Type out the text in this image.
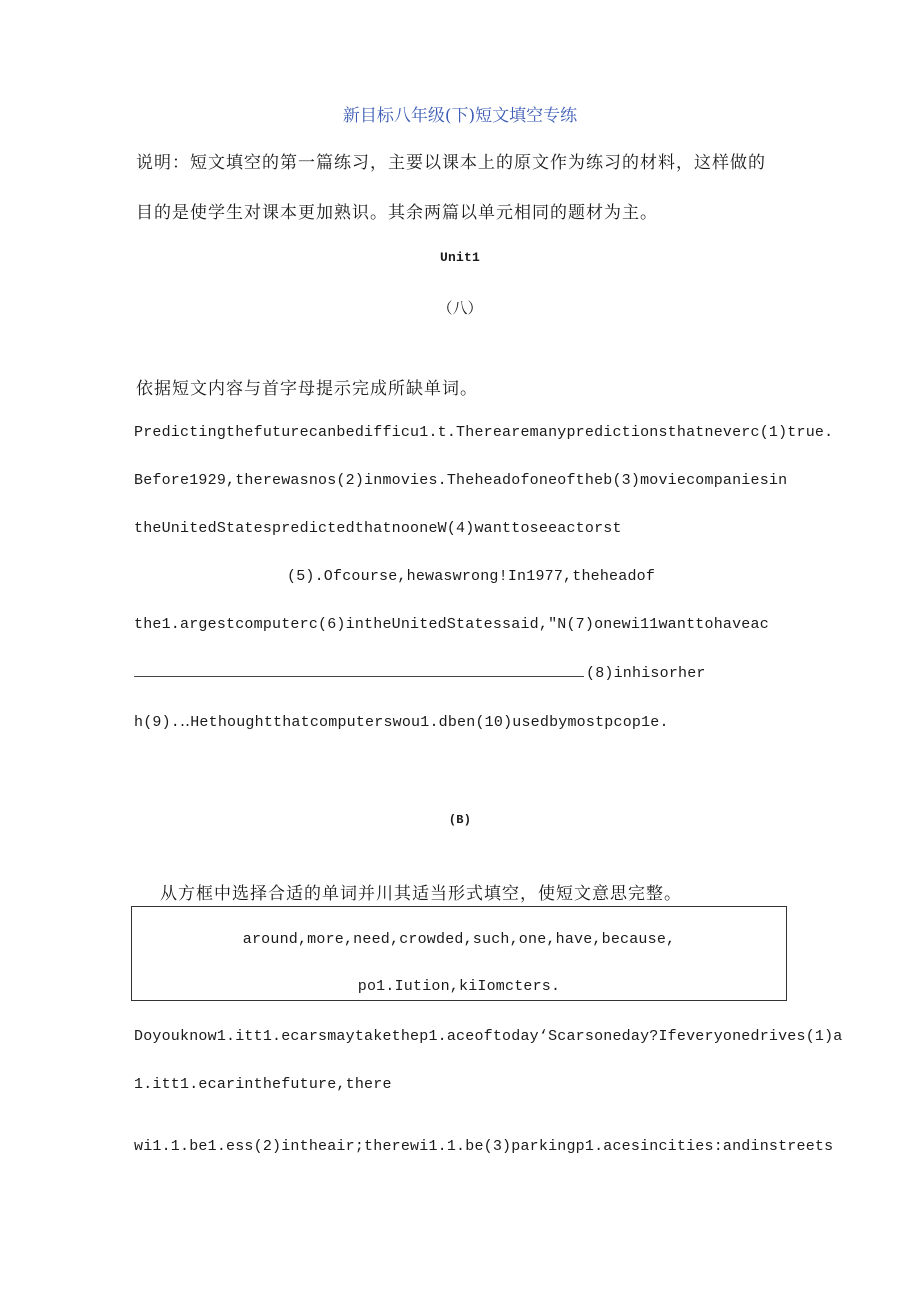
新目标八年级(下)短文填空专练

说明：短文填空的第一篇练习，主要以课本上的原文作为练习的材料，这样做的

目的是使学生对课本更加熟识。其余两篇以单元相同的题材为主。

Unit1

（八）

依据短文内容与首字母提示完成所缺单词。

Predictingthefuturecanbediffic​u1.t.Therearemanypredictionsthatneverc(1)true.

Before1929,therewasnos(2)inmovies.Theheadofoneoftheb(3)moviecompaniesin

theUnitedStatespredictedthatnooneW(4)wanttoseeactorst

(5).Ofcourse,hewaswrong!In1977,theheadof

the1.argestcomputerc(6)intheUnitedStatessaid,"N(7)onewi11wanttohaveac

(8)inhisorher

h(9).‥Hethoughtthatcomputerswou1.dben(10)usedbymostpcop1e.

(B)

从方框中选择合适的单词并川其适当形式填空，使短文意思完整。

around,more,need,crowded,such,one,have,because,
po1.Iution,kiIomcters.

Doyouknow1.itt1.ecarsmaytakethep1.aceoftoday‘Scarsoneday?Ifeveryonedrives(1)a

1.itt1.ecarinthefuture,there

wi1.1.be1.ess(2)intheair;therewi1.1.be(3)parkingp1.acesincities:andinstreets
